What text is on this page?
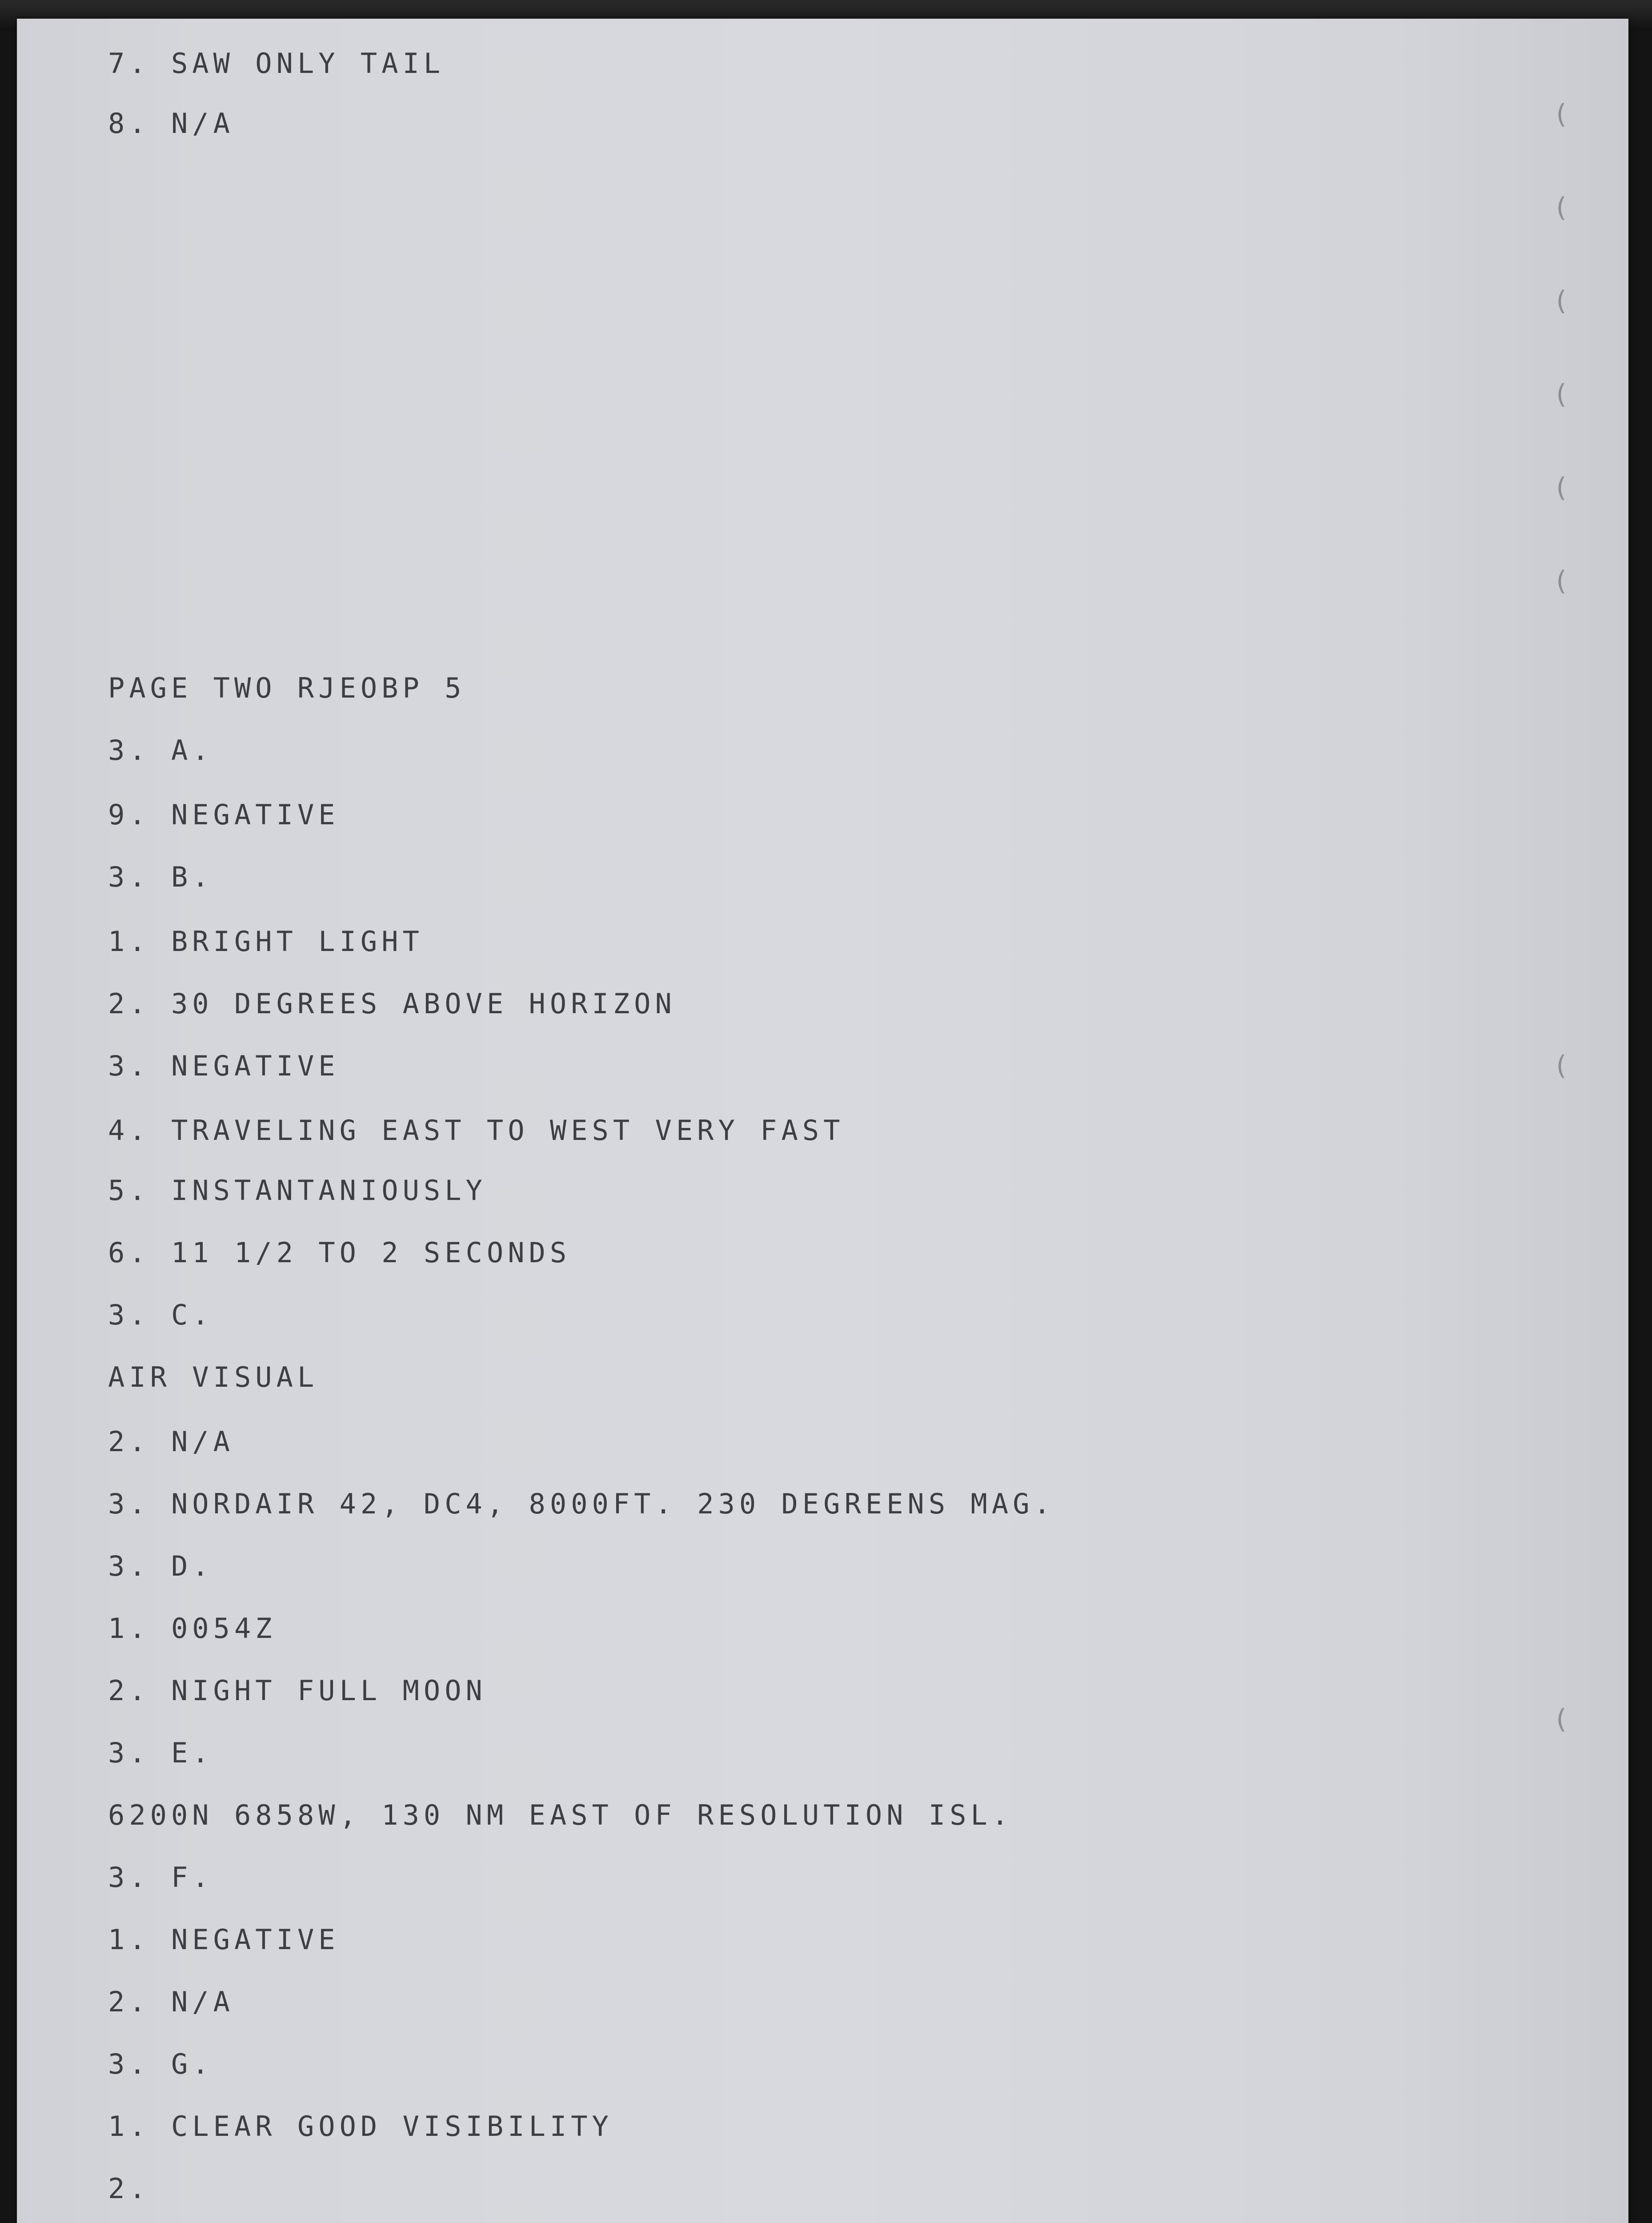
(
(
(
(
(
(
(
(
7. SAW ONLY TAIL
8. N/A
PAGE TWO RJEOBP 5
3. A.
9. NEGATIVE
3. B.
1. BRIGHT LIGHT
2. 30 DEGREES ABOVE HORIZON
3. NEGATIVE
4. TRAVELING EAST TO WEST VERY FAST
5. INSTANTANIOUSLY
6. 11 1/2 TO 2 SECONDS
3. C.
AIR VISUAL
2. N/A
3. NORDAIR 42, DC4, 8000FT. 230 DEGREENS MAG.
3. D.
1. 0054Z
2. NIGHT FULL MOON
3. E.
6200N 6858W, 130 NM EAST OF RESOLUTION ISL.
3. F.
1. NEGATIVE
2. N/A
3. G.
1. CLEAR GOOD VISIBILITY
2.
